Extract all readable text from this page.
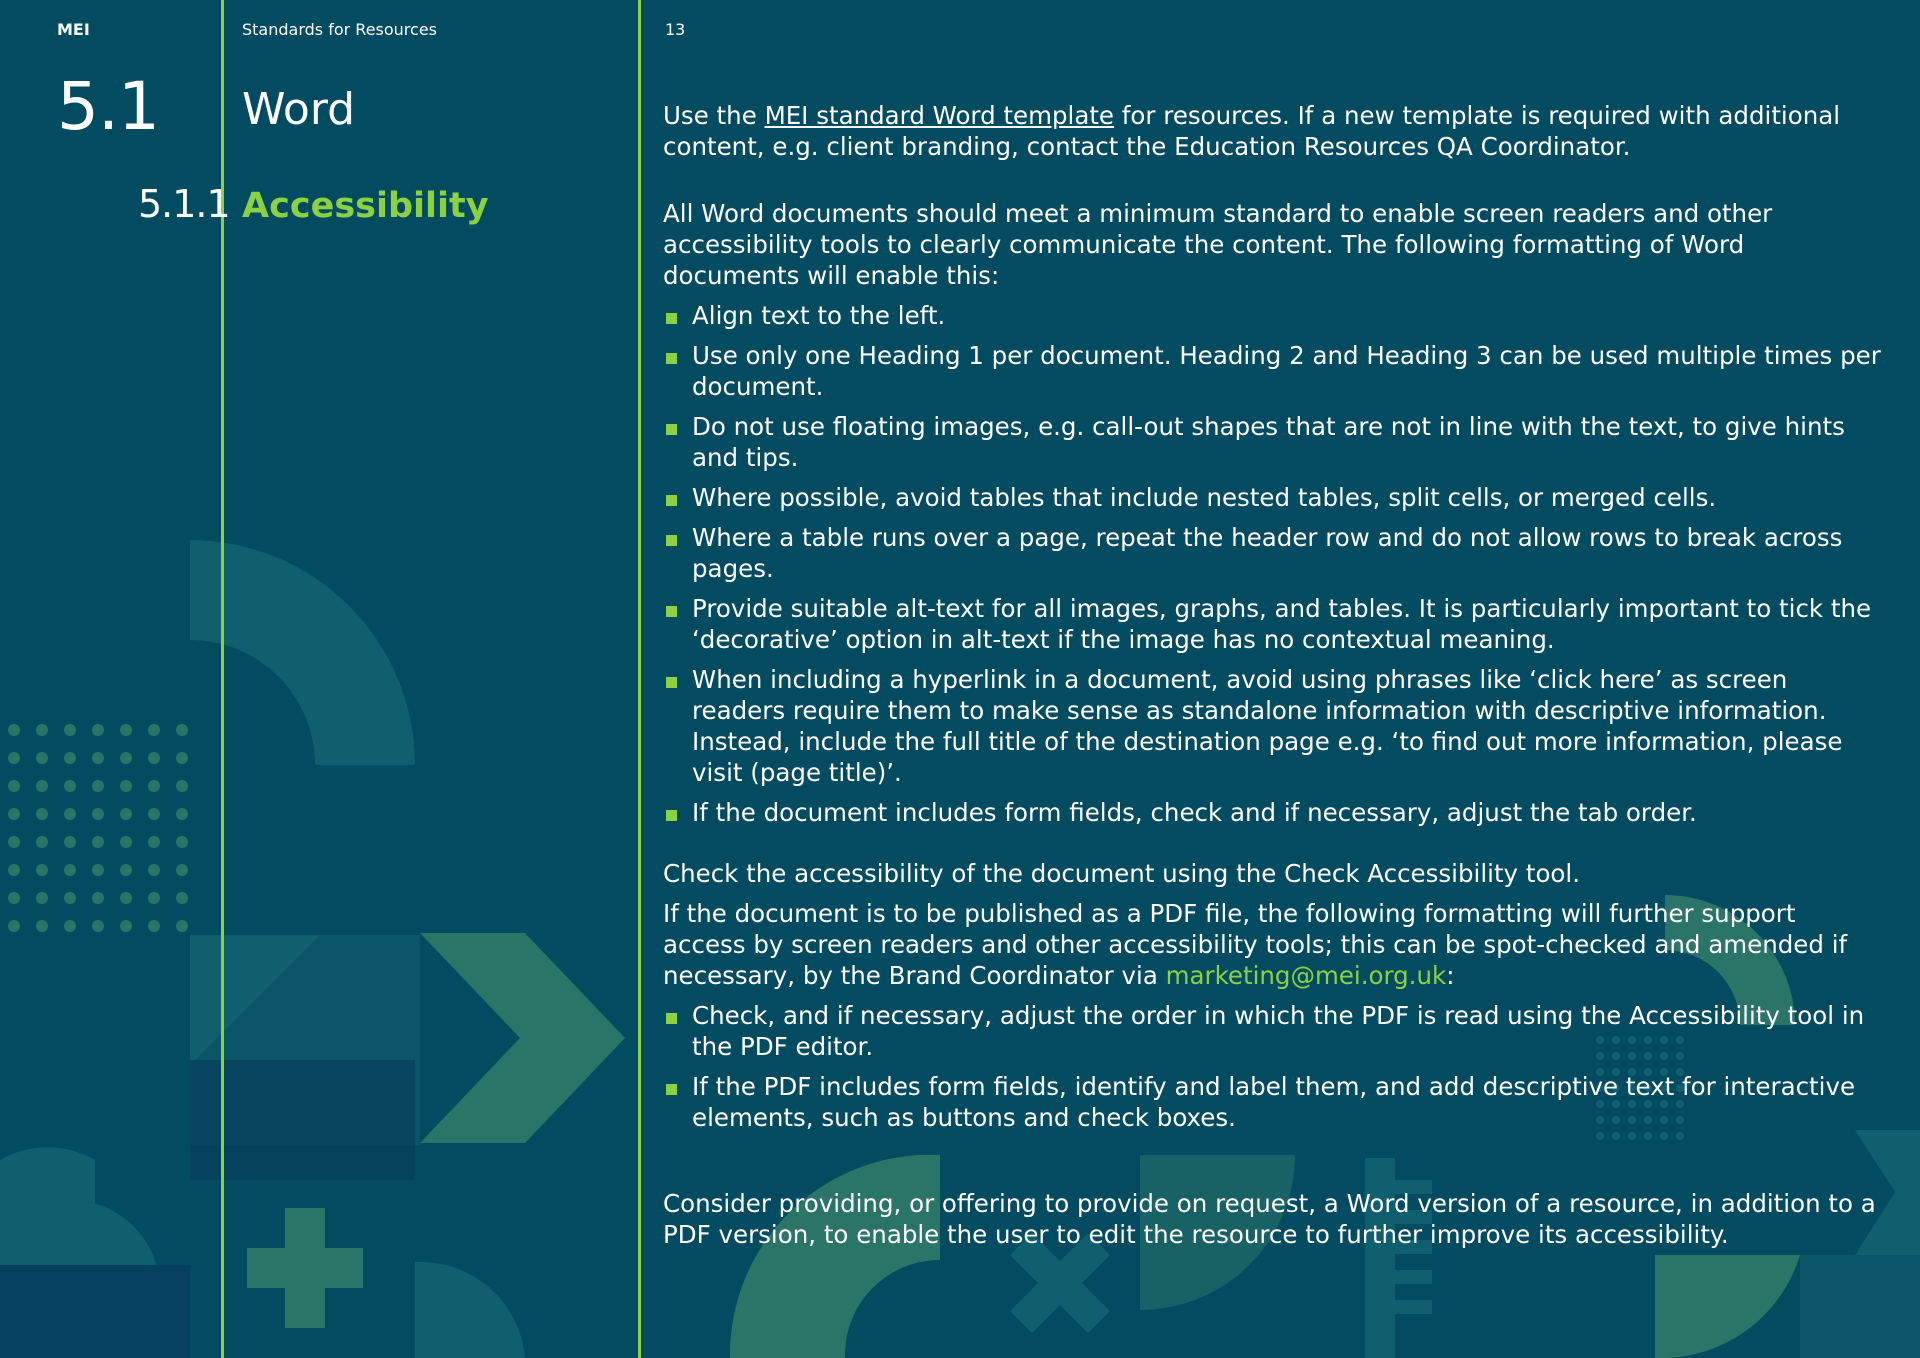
MEI	Standards for Resources	13
5.1 Word
5.1.1 Accessibility

Use the MEI standard Word template for resources. If a new template is required with additional content, e.g. client branding, contact the Education Resources QA Coordinator.

All Word documents should meet a minimum standard to enable screen readers and other accessibility tools to clearly communicate the content. The following formatting of Word documents will enable this:

Align text to the left.
Use only one Heading 1 per document. Heading 2 and Heading 3 can be used multiple times per document.
Do not use floating images, e.g. call-out shapes that are not in line with the text, to give hints and tips.
Where possible, avoid tables that include nested tables, split cells, or merged cells.
Where a table runs over a page, repeat the header row and do not allow rows to break across pages.
Provide suitable alt-text for all images, graphs, and tables. It is particularly important to tick the ‘decorative’ option in alt-text if the image has no contextual meaning.
When including a hyperlink in a document, avoid using phrases like ‘click here’ as screen readers require them to make sense as standalone information with descriptive information. Instead, include the full title of the destination page e.g. ‘to find out more information, please visit (page title)’.
If the document includes form fields, check and if necessary, adjust the tab order.

Check the accessibility of the document using the Check Accessibility tool.

If the document is to be published as a PDF file, the following formatting will further support access by screen readers and other accessibility tools; this can be spot-checked and amended if necessary, by the Brand Coordinator via marketing@mei.org.uk:

Check, and if necessary, adjust the order in which the PDF is read using the Accessibility tool in the PDF editor.
If the PDF includes form fields, identify and label them, and add descriptive text for interactive elements, such as buttons and check boxes.

Consider providing, or offering to provide on request, a Word version of a resource, in addition to a PDF version, to enable the user to edit the resource to further improve its accessibility.
